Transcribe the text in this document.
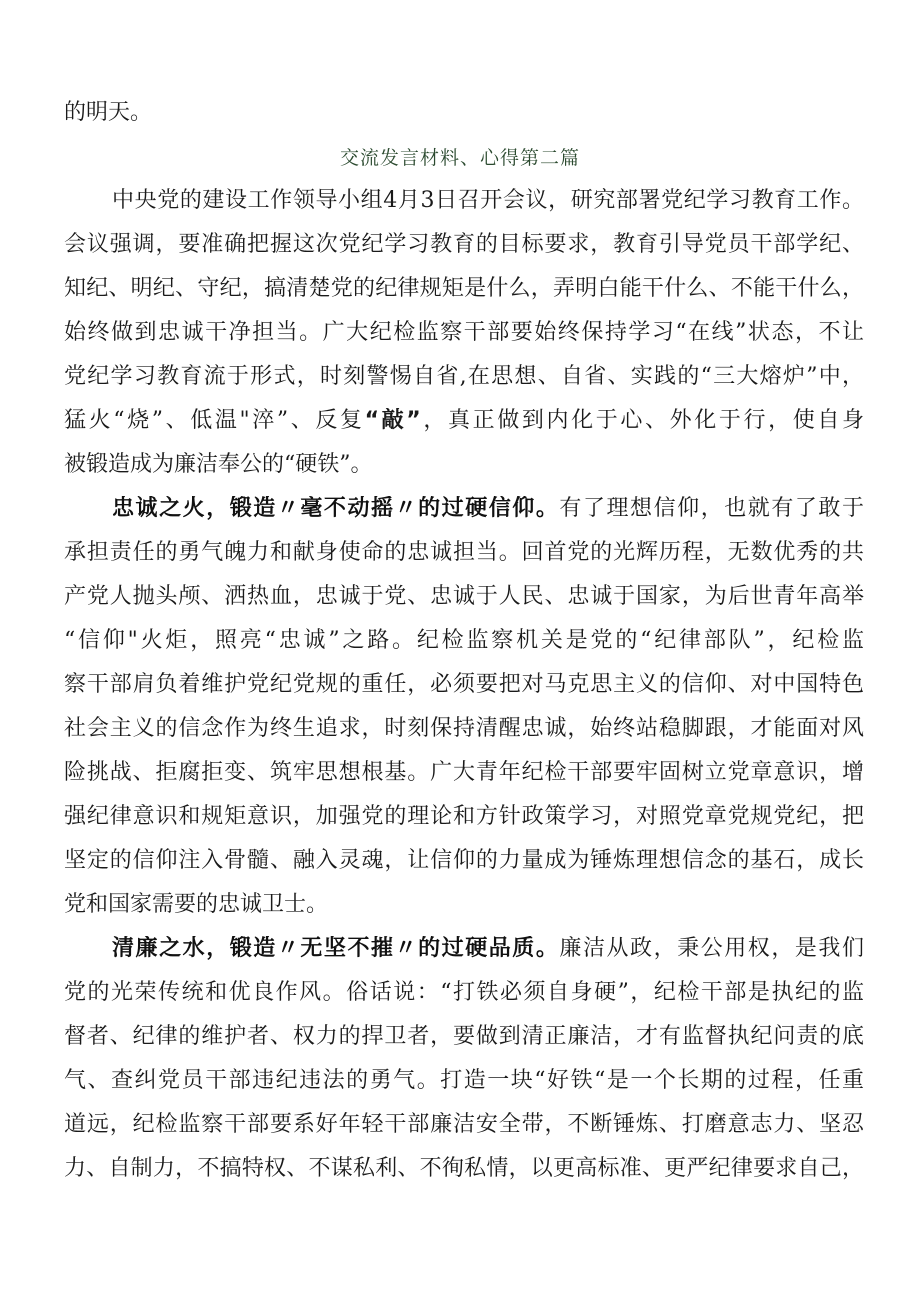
的明天。
交流发言材料、心得第二篇
中央党的建设工作领导小组4月3日召开会议，研究部署党纪学习教育工作。
会议强调，要准确把握这次党纪学习教育的目标要求，教育引导党员干部学纪、
知纪、明纪、守纪，搞清楚党的纪律规矩是什么，弄明白能干什么、不能干什么，
始终做到忠诚干净担当。广大纪检监察干部要始终保持学习“在线”状态，不让
党纪学习教育流于形式，时刻警惕自省,在思想、自省、实践的“三大熔炉”中，
猛火“烧”、低温"淬”、反复“敲”，真正做到内化于心、外化于行，使自身
被锻造成为廉洁奉公的“硬铁”。
忠诚之火，锻造〃毫不动摇〃的过硬信仰。有了理想信仰，也就有了敢于
承担责任的勇气魄力和献身使命的忠诚担当。回首党的光辉历程，无数优秀的共
产党人抛头颅、洒热血，忠诚于党、忠诚于人民、忠诚于国家，为后世青年高举
“信仰"火炬，照亮“忠诚”之路。纪检监察机关是党的“纪律部队”，纪检监
察干部肩负着维护党纪党规的重任，必须要把对马克思主义的信仰、对中国特色
社会主义的信念作为终生追求，时刻保持清醒忠诚，始终站稳脚跟，才能面对风
险挑战、拒腐拒变、筑牢思想根基。广大青年纪检干部要牢固树立党章意识，增
强纪律意识和规矩意识，加强党的理论和方针政策学习，对照党章党规党纪，把
坚定的信仰注入骨髓、融入灵魂，让信仰的力量成为锤炼理想信念的基石，成长
党和国家需要的忠诚卫士。
清廉之水，锻造〃无坚不摧〃的过硬品质。廉洁从政，秉公用权，是我们
党的光荣传统和优良作风。俗话说：“打铁必须自身硬”，纪检干部是执纪的监
督者、纪律的维护者、权力的捍卫者，要做到清正廉洁，才有监督执纪问责的底
气、查纠党员干部违纪违法的勇气。打造一块“好铁“是一个长期的过程，任重
道远，纪检监察干部要系好年轻干部廉洁安全带，不断锤炼、打磨意志力、坚忍
力、自制力，不搞特权、不谋私利、不徇私情，以更高标准、更严纪律要求自己，
